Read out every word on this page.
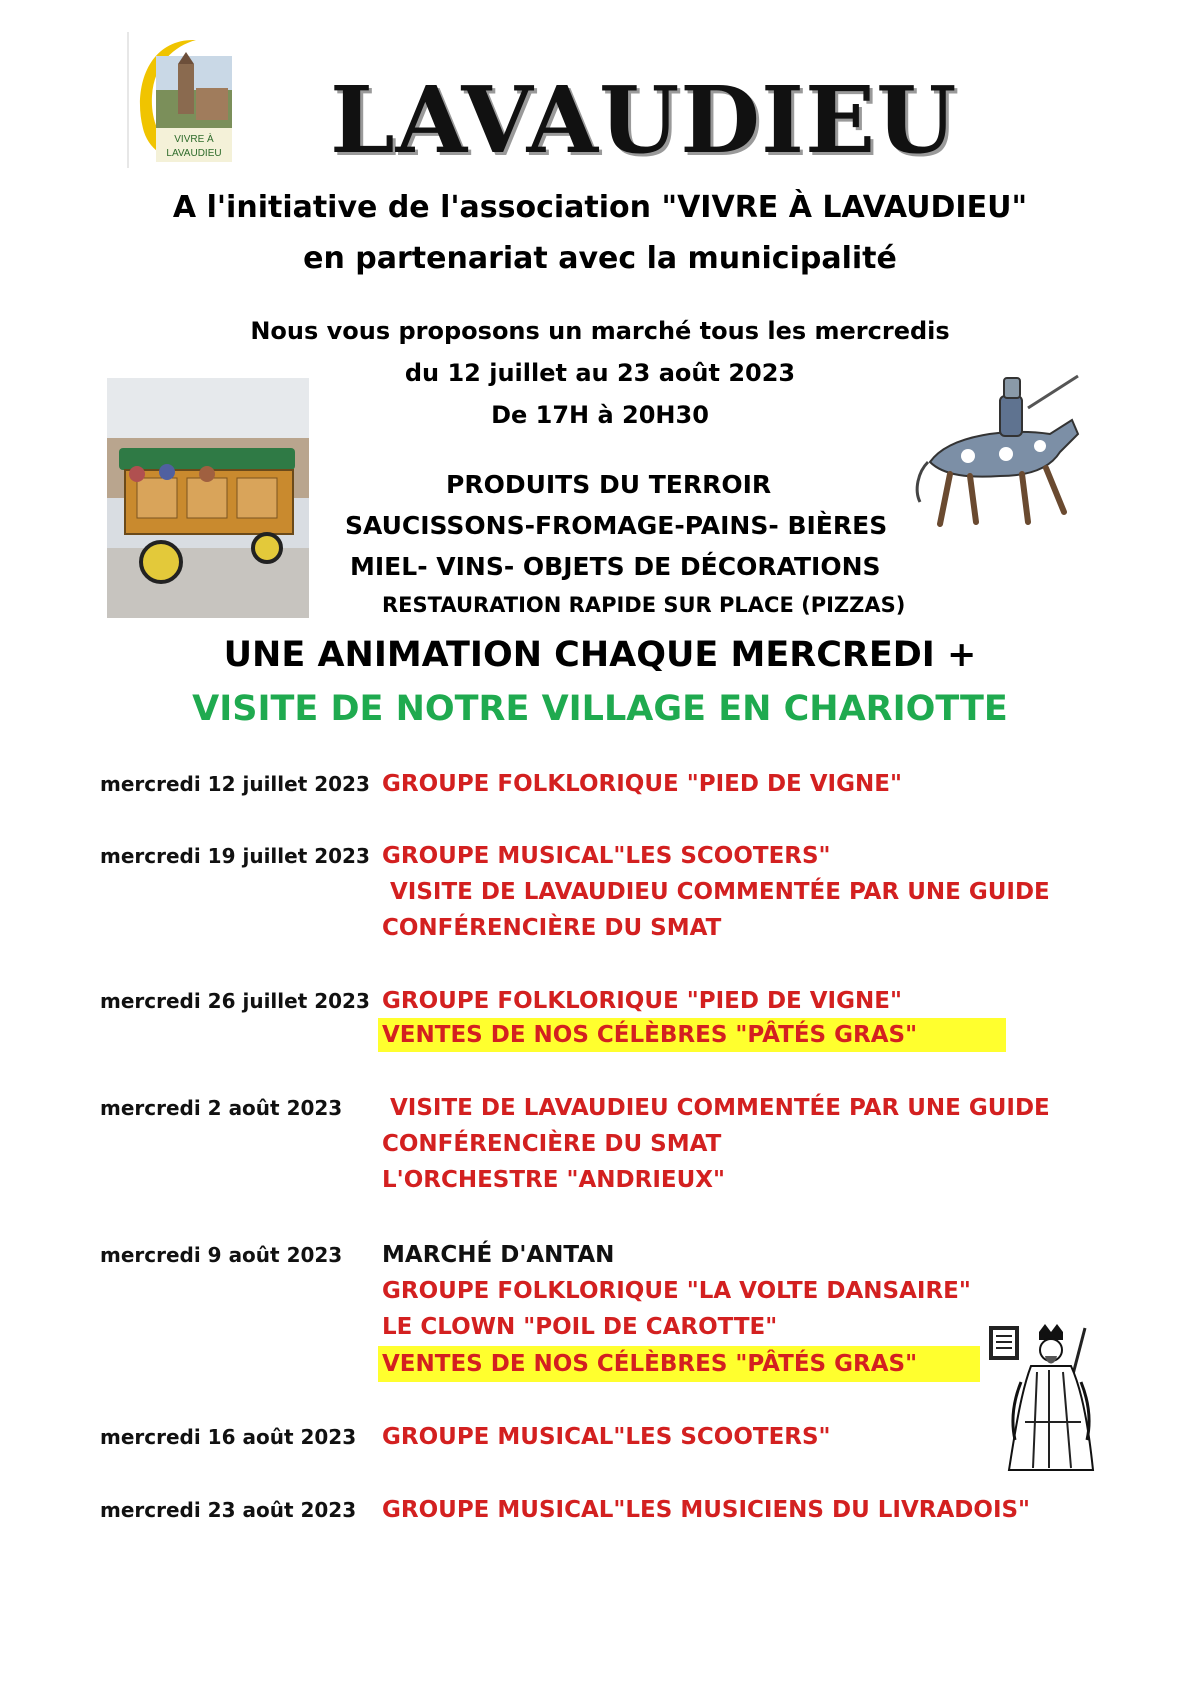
VIVRE À
LAVAUDIEU LAVAUDIEU
A l'initiative de l'association "VIVRE À LAVAUDIEU"
en partenariat avec la municipalité
Nous vous proposons un marché tous les mercredis
du 12 juillet au 23 août 2023
De 17H à 20H30
PRODUITS DU TERROIR
SAUCISSONS-FROMAGE-PAINS- BIÈRES
MIEL- VINS- OBJETS DE DÉCORATIONS
RESTAURATION RAPIDE SUR PLACE (PIZZAS)
UNE ANIMATION CHAQUE MERCREDI +
VISITE DE NOTRE VILLAGE EN CHARIOTTE
mercredi 12 juillet 2023 GROUPE FOLKLORIQUE "PIED DE VIGNE"
mercredi 19 juillet 2023 GROUPE MUSICAL"LES SCOOTERS"
VISITE DE LAVAUDIEU COMMENTÉE PAR UNE GUIDE
CONFÉRENCIÈRE DU SMAT
mercredi 26 juillet 2023 GROUPE FOLKLORIQUE "PIED DE VIGNE"
VENTES DE NOS CÉLÈBRES "PÂTÉS GRAS"
mercredi 2 août 2023 VISITE DE LAVAUDIEU COMMENTÉE PAR UNE GUIDE
CONFÉRENCIÈRE DU SMAT
L'ORCHESTRE "ANDRIEUX"
mercredi 9 août 2023 MARCHÉ D'ANTAN
GROUPE FOLKLORIQUE "LA VOLTE DANSAIRE"
LE CLOWN "POIL DE CAROTTE"
VENTES DE NOS CÉLÈBRES "PÂTÉS GRAS"
mercredi 16 août 2023 GROUPE MUSICAL"LES SCOOTERS"
mercredi 23 août 2023 GROUPE MUSICAL"LES MUSICIENS DU LIVRADOIS"
